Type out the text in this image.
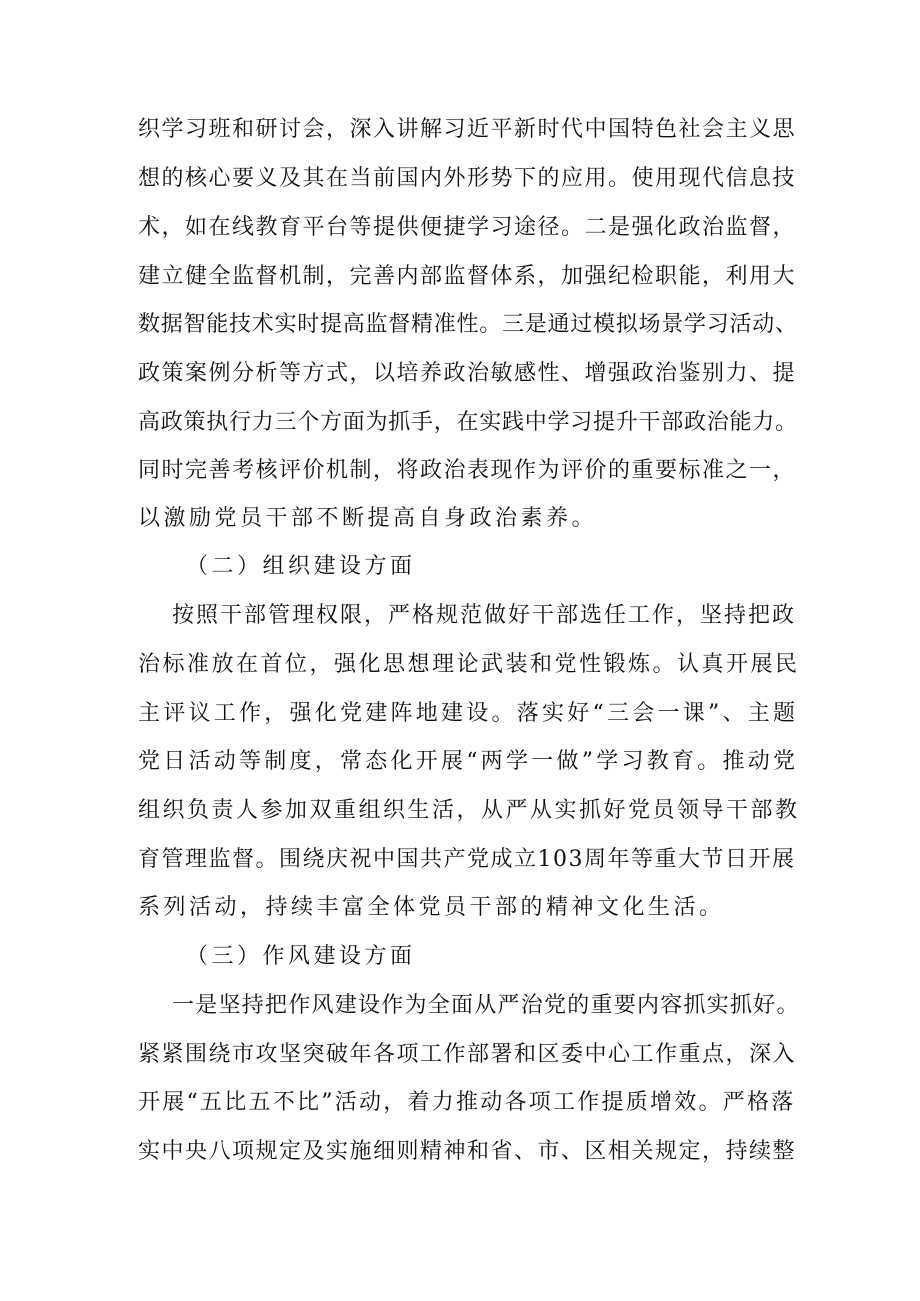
织学习班和研讨会，深入讲解习近平新时代中国特色社会主义思
想的核心要义及其在当前国内外形势下的应用。使用现代信息技
术，如在线教育平台等提供便捷学习途径。二是强化政治监督，
建立健全监督机制，完善内部监督体系，加强纪检职能，利用大
数据智能技术实时提高监督精准性。三是通过模拟场景学习活动、
政策案例分析等方式，以培养政治敏感性、增强政治鉴别力、提
高政策执行力三个方面为抓手，在实践中学习提升干部政治能力。
同时完善考核评价机制，将政治表现作为评价的重要标准之一，
以激励党员干部不断提高自身政治素养。
（二）组织建设方面
按照干部管理权限，严格规范做好干部选任工作，坚持把政
治标准放在首位，强化思想理论武装和党性锻炼。认真开展民
主评议工作，强化党建阵地建设。落实好“三会一课”、主题
党日活动等制度，常态化开展“两学一做”学习教育。推动党
组织负责人参加双重组织生活，从严从实抓好党员领导干部教
育管理监督。围绕庆祝中国共产党成立103周年等重大节日开展
系列活动，持续丰富全体党员干部的精神文化生活。
（三）作风建设方面
一是坚持把作风建设作为全面从严治党的重要内容抓实抓好。
紧紧围绕市攻坚突破年各项工作部署和区委中心工作重点，深入
开展“五比五不比”活动，着力推动各项工作提质增效。严格落
实中央八项规定及实施细则精神和省、市、区相关规定，持续整
